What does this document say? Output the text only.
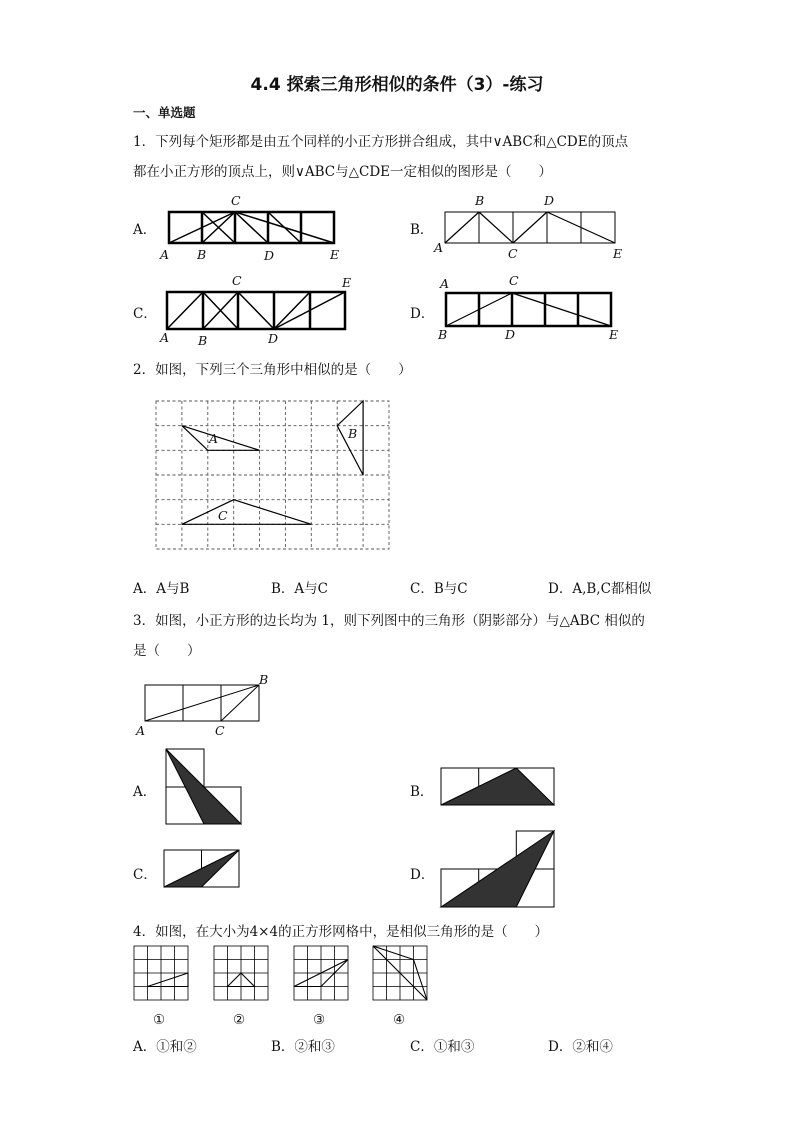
4.4 探索三角形相似的条件（3）-练习
一、单选题
1．下列每个矩形都是由五个同样的小正方形拼合组成，其中∨ABC和△CDE的顶点
都在小正方形的顶点上，则∨ABC与△CDE一定相似的图形是（　　）
A．
C
A B	D	E
B．
B	D
A	C	E
C．
C	E
A B	D
D．
A	C
B	D	E
2．如图，下列三个三角形中相似的是（　　）
A	B
C
A．A与B	B．A与C	C．B与C	D．A,B,C都相似
3．如图，小正方形的边长均为 1，则下列图中的三角形（阴影部分）与△ABC 相似的
是（　　）
B
A	C
A．	B．
C．	D．
4．如图，在大小为4×4的正方形网格中，是相似三角形的是（　　）
①	②	③	④
A．①和②	B．②和③	C．①和③	D．②和④
